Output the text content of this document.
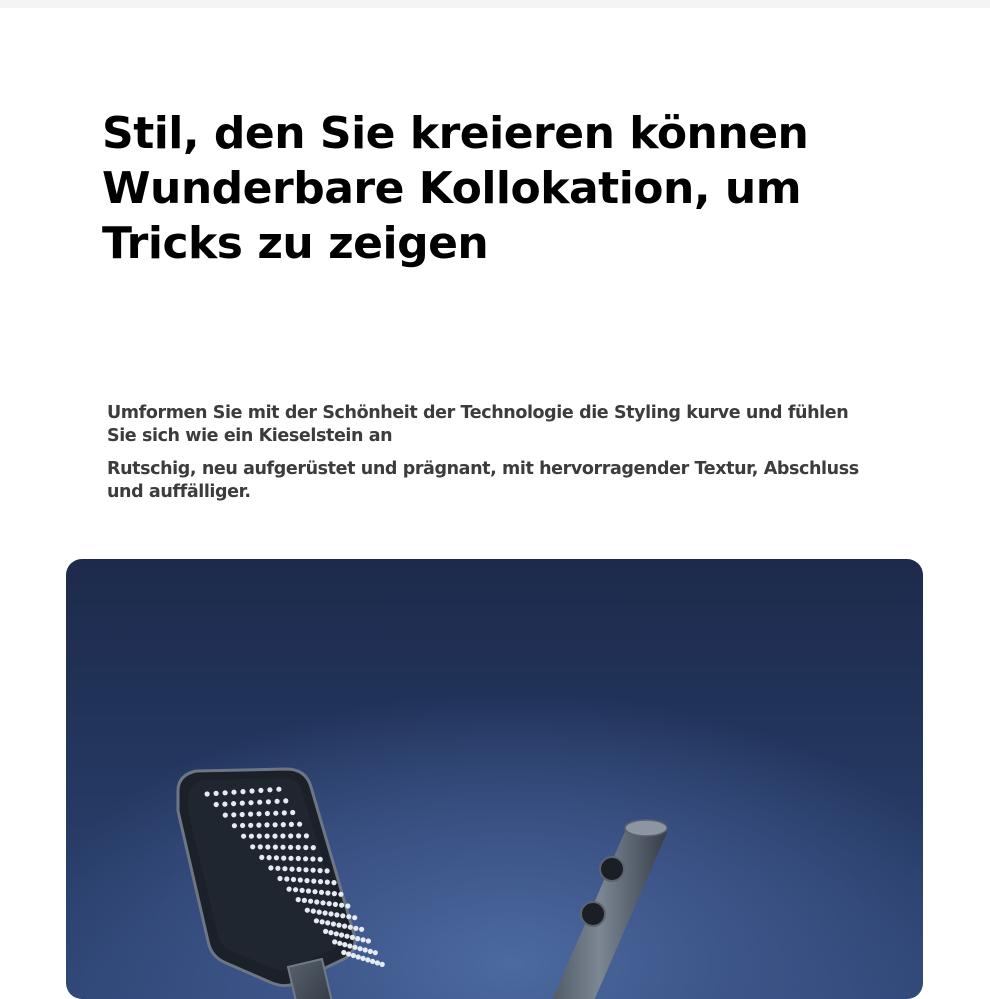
Stil, den Sie kreieren können
Wunderbare Kollokation, um
Tricks zu zeigen

Umformen Sie mit der Schönheit der Technologie die Styling kurve und fühlen Sie sich wie ein Kieselstein an

Rutschig, neu aufgerüstet und prägnant, mit hervorragender Textur, Abschluss und auffälliger.
